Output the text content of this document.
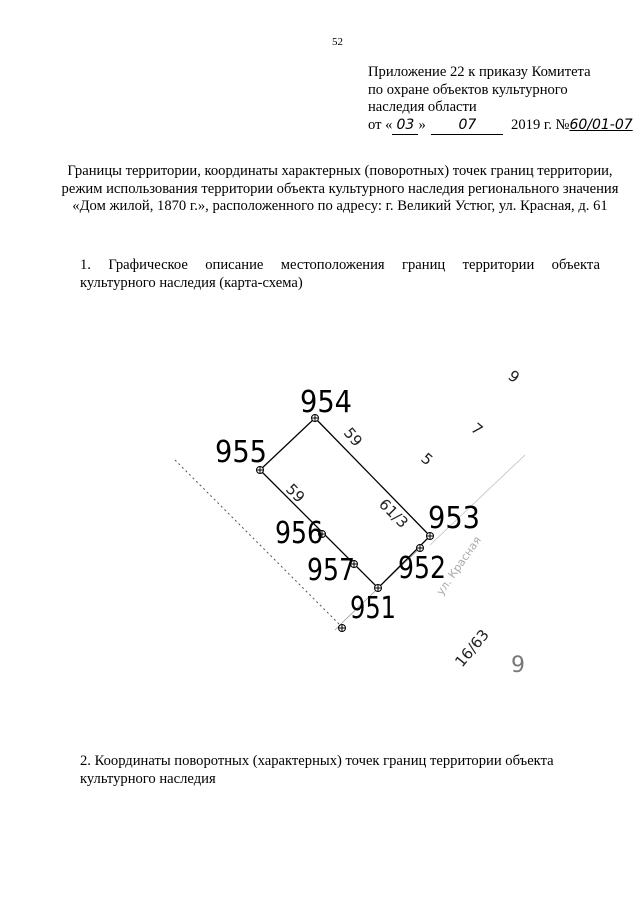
52
Приложение 22 к приказу Комитета
по охране объектов культурного
наследия области
от « 03 » 07 2019 г. №60/01-07
Границы территории, координаты характерных (поворотных) точек границ территории, режим использования территории объекта культурного наследия регионального значения «Дом жилой, 1870 г.», расположенного по адресу: г. Великий Устюг, ул. Красная, д. 61
1. Графическое описание местоположения границ территории объекта
культурного наследия (карта-схема)
954
955
956
957
951
952
953
59
59
61/3
5
7
9
16/63
ул. Красная
9
2. Координаты поворотных (характерных) точек границ территории объекта культурного наследия
